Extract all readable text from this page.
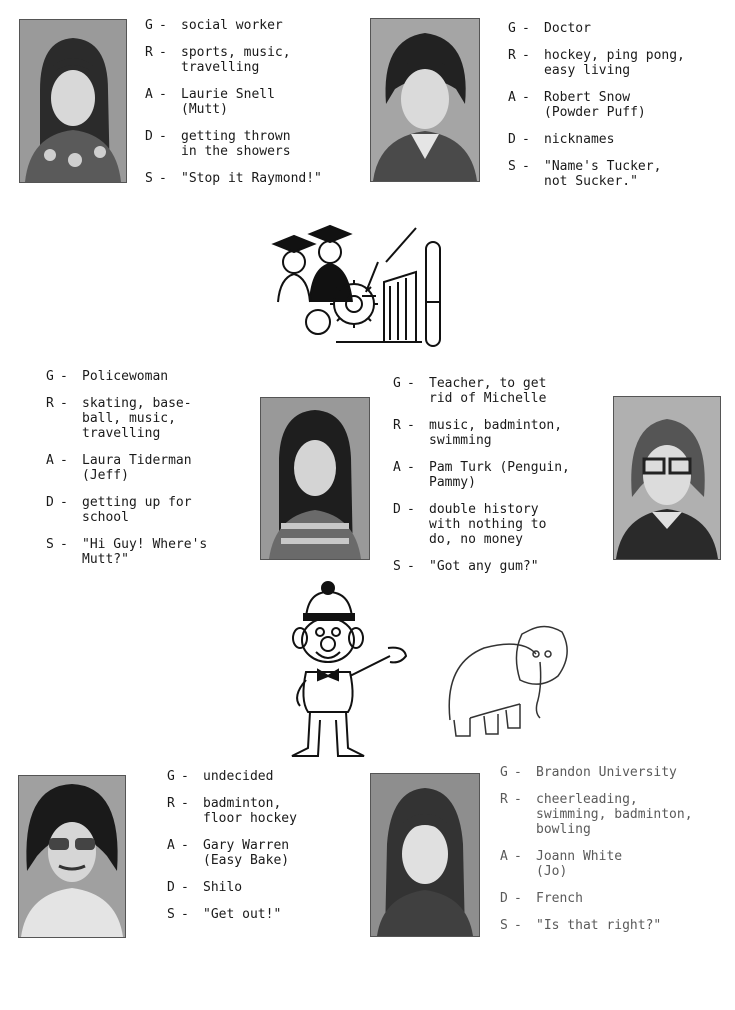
G -	social worker
R -	sports, music,
travelling
A -	Laurie Snell
(Mutt)
D -	getting thrown
in the showers
S -	"Stop it Raymond!"
G -	Doctor
R -	hockey, ping pong,
easy living
A -	Robert Snow
(Powder Puff)
D -	nicknames
S -	"Name's Tucker,
not Sucker."
G -	Policewoman
R -	skating, base-
ball, music,
travelling
A -	Laura Tiderman
(Jeff)
D -	getting up for
school
S -	"Hi Guy! Where's
Mutt?"
G -	Teacher, to get
rid of Michelle
R -	music, badminton,
swimming
A -	Pam Turk (Penguin,
Pammy)
D -	double history
with nothing to
do, no money
S -	"Got any gum?"
G -	undecided
R -	badminton,
floor hockey
A -	Gary Warren
(Easy Bake)
D -	Shilo
S -	"Get out!"
G -	Brandon University
R -	cheerleading,
swimming, badminton,
bowling
A -	Joann White
(Jo)
D -	French
S -	"Is that right?"
